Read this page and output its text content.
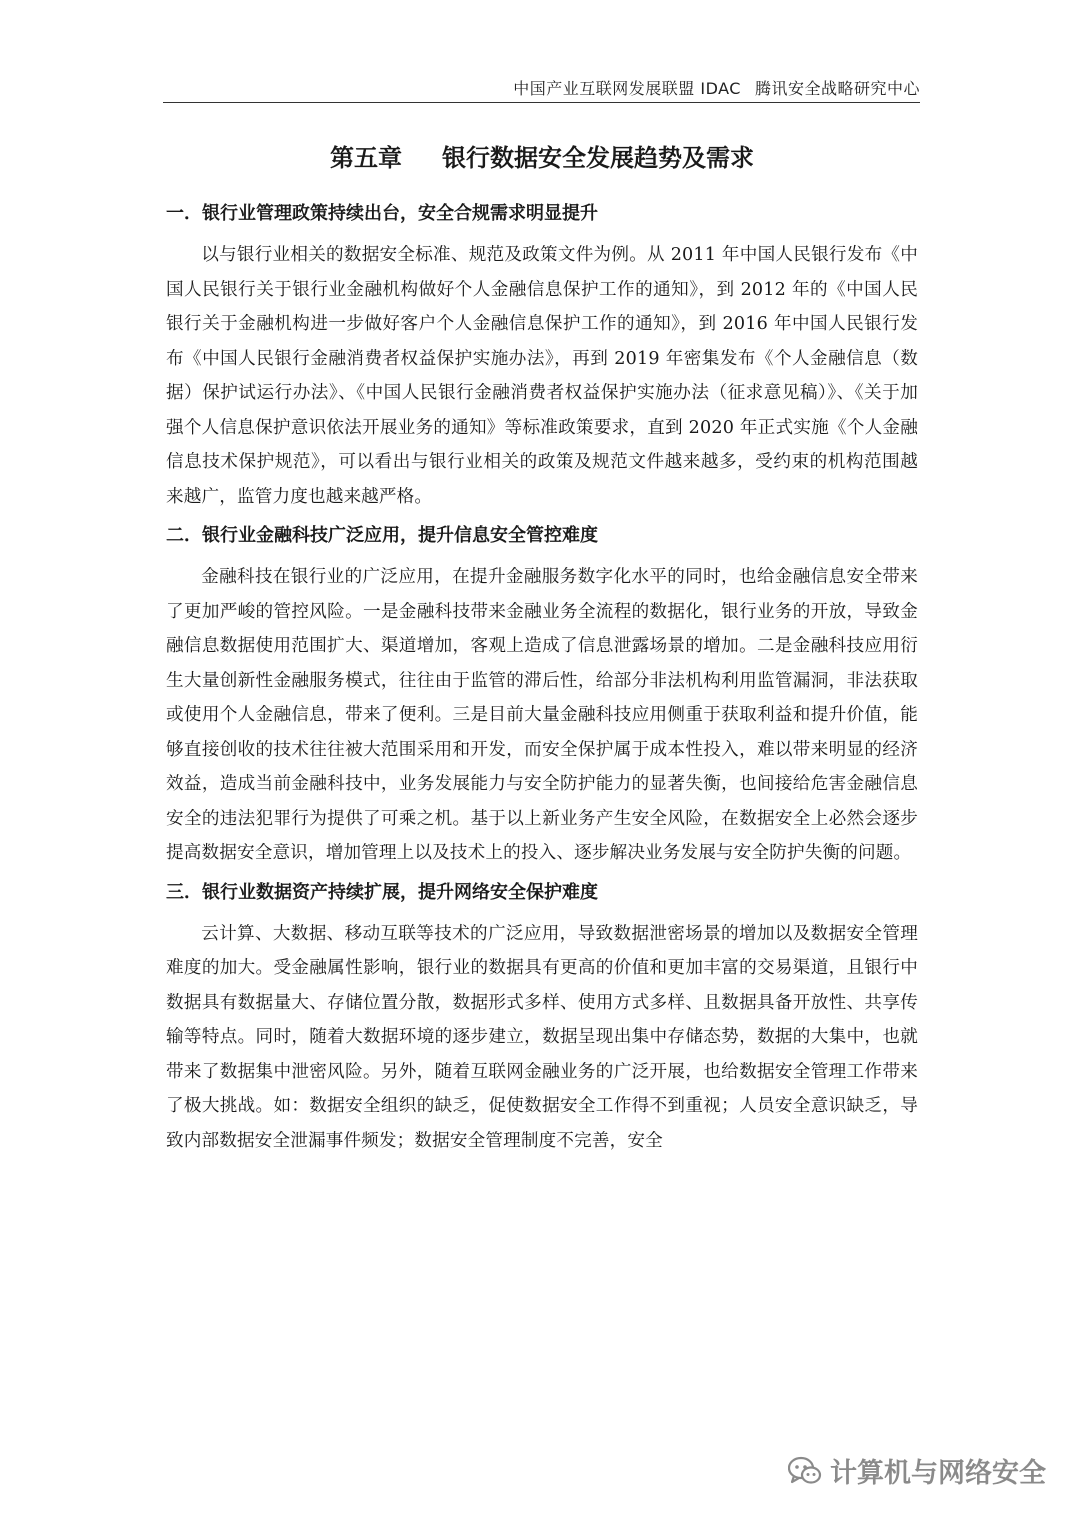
中国产业互联网发展联盟 IDAC 腾讯安全战略研究中心
第五章 银行数据安全发展趋势及需求
一．银行业管理政策持续出台，安全合规需求明显提升

以与银行业相关的数据安全标准、规范及政策文件为例。从 2011 年中国人民银行发布《中国人民银行关于银行业金融机构做好个人金融信息保护工作的通知》，到 2012 年的《中国人民银行关于金融机构进一步做好客户个人金融信息保护工作的通知》，到 2016 年中国人民银行发布《中国人民银行金融消费者权益保护实施办法》，再到 2019 年密集发布《个人金融信息（数据）保护试运行办法》、《中国人民银行金融消费者权益保护实施办法（征求意见稿）》、《关于加强个人信息保护意识依法开展业务的通知》等标准政策要求，直到 2020 年正式实施《个人金融信息技术保护规范》，可以看出与银行业相关的政策及规范文件越来越多，受约束的机构范围越来越广，监管力度也越来越严格。

二．银行业金融科技广泛应用，提升信息安全管控难度

金融科技在银行业的广泛应用，在提升金融服务数字化水平的同时，也给金融信息安全带来了更加严峻的管控风险。一是金融科技带来金融业务全流程的数据化，银行业务的开放，导致金融信息数据使用范围扩大、渠道增加，客观上造成了信息泄露场景的增加。二是金融科技应用衍生大量创新性金融服务模式，往往由于监管的滞后性，给部分非法机构利用监管漏洞，非法获取或使用个人金融信息，带来了便利。三是目前大量金融科技应用侧重于获取利益和提升价值，能够直接创收的技术往往被大范围采用和开发，而安全保护属于成本性投入，难以带来明显的经济效益，造成当前金融科技中，业务发展能力与安全防护能力的显著失衡，也间接给危害金融信息安全的违法犯罪行为提供了可乘之机。基于以上新业务产生安全风险，在数据安全上必然会逐步提高数据安全意识，增加管理上以及技术上的投入、逐步解决业务发展与安全防护失衡的问题。

三．银行业数据资产持续扩展，提升网络安全保护难度

云计算、大数据、移动互联等技术的广泛应用，导致数据泄密场景的增加以及数据安全管理难度的加大。受金融属性影响，银行业的数据具有更高的价值和更加丰富的交易渠道，且银行中数据具有数据量大、存储位置分散，数据形式多样、使用方式多样、且数据具备开放性、共享传输等特点。同时，随着大数据环境的逐步建立，数据呈现出集中存储态势，数据的大集中，也就带来了数据集中泄密风险。另外，随着互联网金融业务的广泛开展，也给数据安全管理工作带来了极大挑战。如：数据安全组织的缺乏，促使数据安全工作得不到重视；人员安全意识缺乏，导致内部数据安全泄漏事件频发；数据安全管理制度不完善，安全

计算机与网络安全
